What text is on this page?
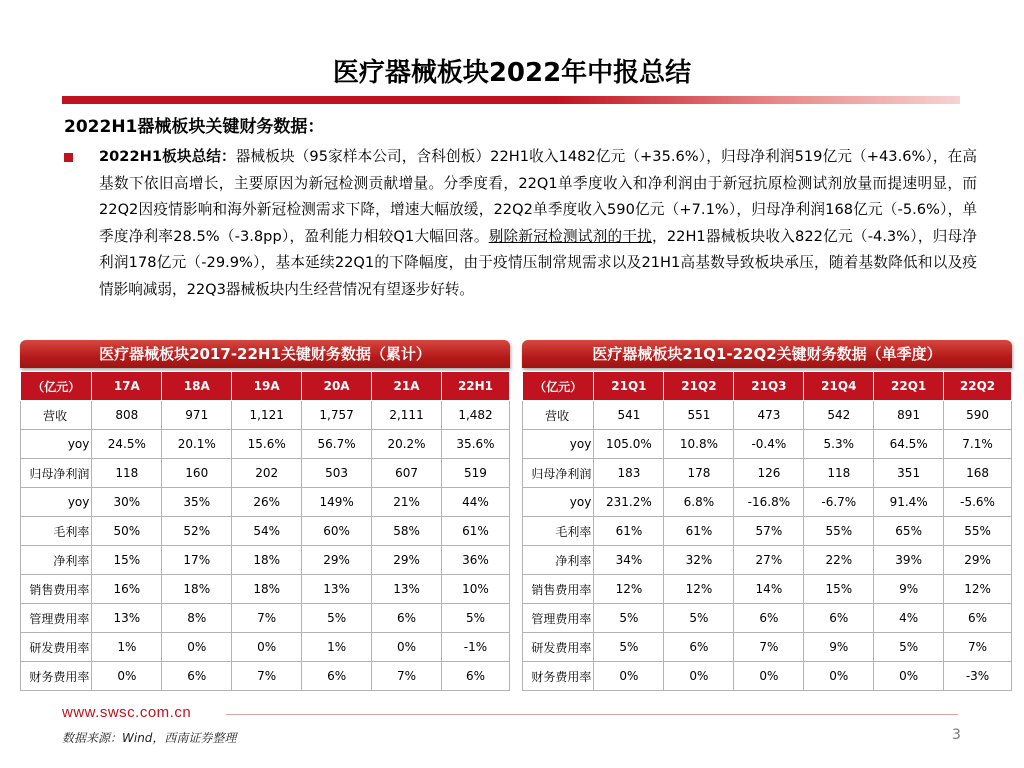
医疗器械板块2022年中报总结
2022H1器械板块关键财务数据：
2022H1板块总结：器械板块（95家样本公司，含科创板）22H1收入1482亿元（+35.6%），归母净利润519亿元（+43.6%），在高基数下依旧高增长，主要原因为新冠检测贡献增量。分季度看，22Q1单季度收入和净利润由于新冠抗原检测试剂放量而提速明显，而22Q2因疫情影响和海外新冠检测需求下降，增速大幅放缓，22Q2单季度收入590亿元（+7.1%），归母净利润168亿元（-5.6%），单季度净利率28.5%（-3.8pp），盈利能力相较Q1大幅回落。剔除新冠检测试剂的干扰，22H1器械板块收入822亿元（-4.3%），归母净利润178亿元（-29.9%），基本延续22Q1的下降幅度，由于疫情压制常规需求以及21H1高基数导致板块承压，随着基数降低和以及疫情影响减弱，22Q3器械板块内生经营情况有望逐步好转。
医疗器械板块2017-22H1关键财务数据（累计）
（亿元）	17A	18A	19A	20A	21A	22H1
营收	808	971	1,121	1,757	2,111	1,482
yoy	24.5%	20.1%	15.6%	56.7%	20.2%	35.6%
归母净利润	118	160	202	503	607	519
yoy	30%	35%	26%	149%	21%	44%
毛利率	50%	52%	54%	60%	58%	61%
净利率	15%	17%	18%	29%	29%	36%
销售费用率	16%	18%	18%	13%	13%	10%
管理费用率	13%	8%	7%	5%	6%	5%
研发费用率	1%	0%	0%	1%	0%	-1%
财务费用率	0%	6%	7%	6%	7%	6%
医疗器械板块21Q1-22Q2关键财务数据（单季度）
（亿元）	21Q1	21Q2	21Q3	21Q4	22Q1	22Q2
营收	541	551	473	542	891	590
yoy	105.0%	10.8%	-0.4%	5.3%	64.5%	7.1%
归母净利润	183	178	126	118	351	168
yoy	231.2%	6.8%	-16.8%	-6.7%	91.4%	-5.6%
毛利率	61%	61%	57%	55%	65%	55%
净利率	34%	32%	27%	22%	39%	29%
销售费用率	12%	12%	14%	15%	9%	12%
管理费用率	5%	5%	6%	6%	4%	6%
研发费用率	5%	6%	7%	9%	5%	7%
财务费用率	0%	0%	0%	0%	0%	-3%
www.swsc.com.cn
数据来源：Wind，西南证券整理	3
